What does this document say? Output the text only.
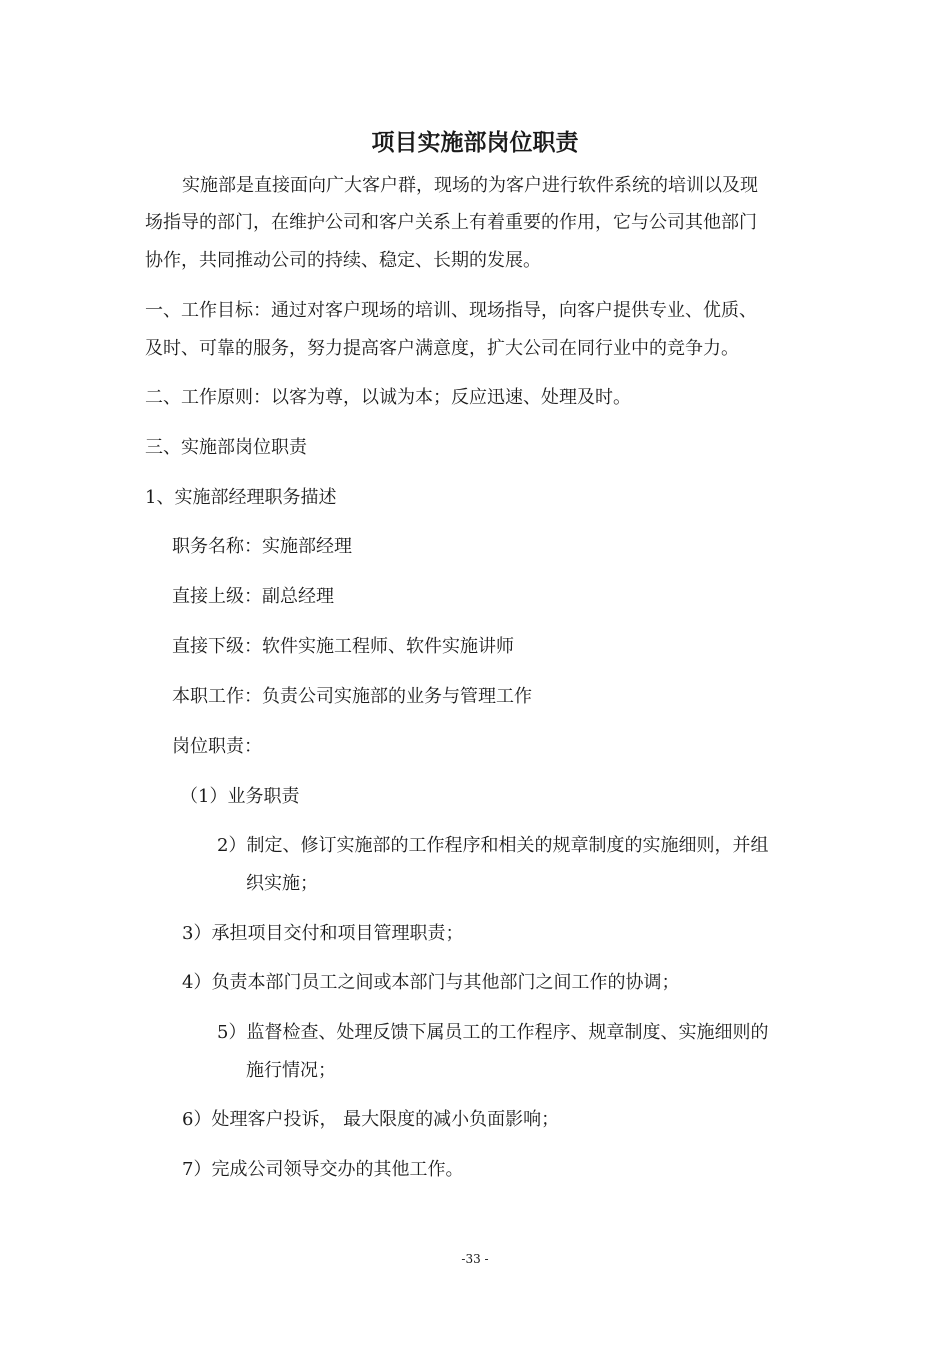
项目实施部岗位职责
实施部是直接面向广大客户群，现场的为客户进行软件系统的培训以及现
场指导的部门，在维护公司和客户关系上有着重要的作用，它与公司其他部门
协作，共同推动公司的持续、稳定、长期的发展。
一、工作目标：通过对客户现场的培训、现场指导，向客户提供专业、优质、
及时、可靠的服务，努力提高客户满意度，扩大公司在同行业中的竞争力。
二、工作原则：以客为尊，以诚为本；反应迅速、处理及时。
三、实施部岗位职责
1、实施部经理职务描述
职务名称：实施部经理
直接上级：副总经理
直接下级：软件实施工程师、软件实施讲师
本职工作：负责公司实施部的业务与管理工作
岗位职责：
（1）业务职责
2）制定、修订实施部的工作程序和相关的规章制度的实施细则，并组
织实施；
3）承担项目交付和项目管理职责；
4）负责本部门员工之间或本部门与其他部门之间工作的协调；
5）监督检查、处理反馈下属员工的工作程序、规章制度、实施细则的
施行情况；
6）处理客户投诉， 最大限度的减小负面影响；
7）完成公司领导交办的其他工作。
-33 -
